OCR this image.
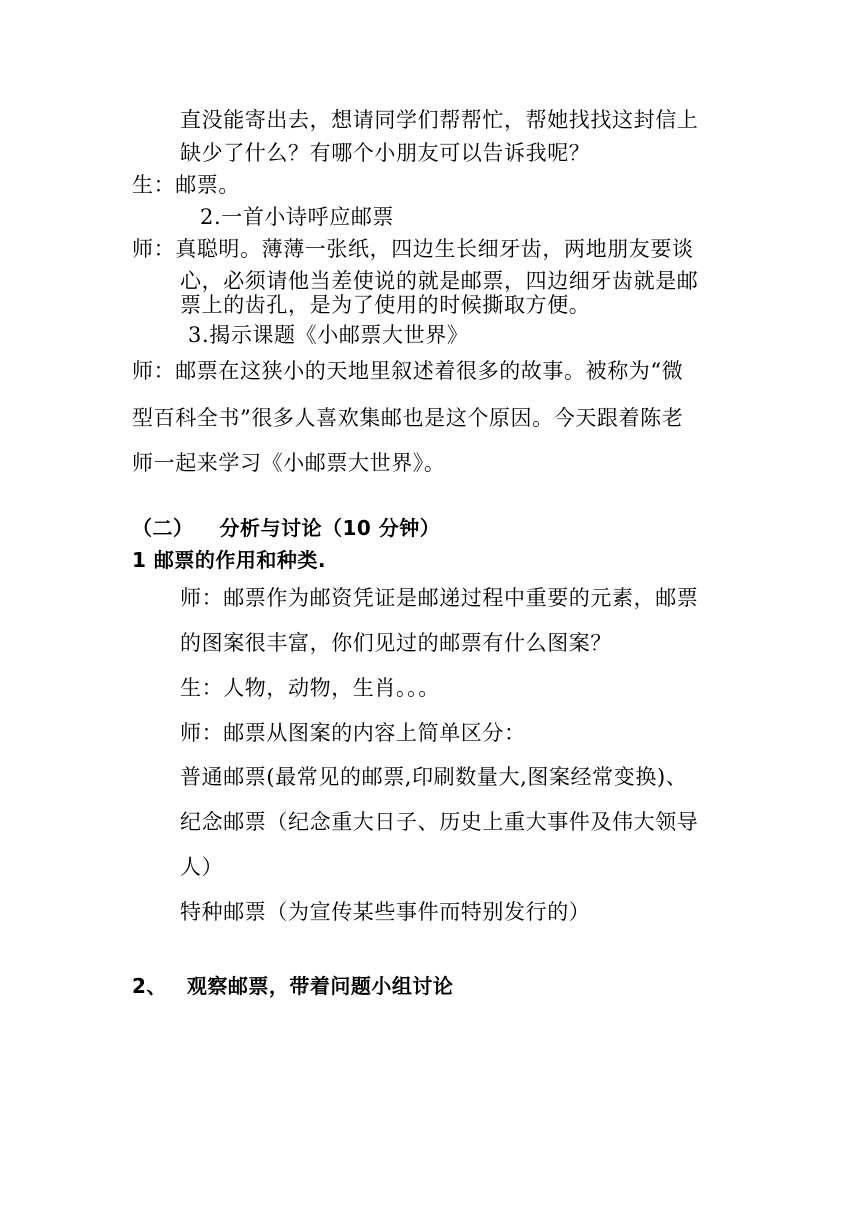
直没能寄出去，想请同学们帮帮忙，帮她找找这封信上
缺少了什么？有哪个小朋友可以告诉我呢？
生：邮票。
2.一首小诗呼应邮票
师：真聪明。薄薄一张纸，四边生长细牙齿，两地朋友要谈
心，必须请他当差使说的就是邮票，四边细牙齿就是邮
票上的齿孔，是为了使用的时候撕取方便。
3.揭示课题《小邮票大世界》
师：邮票在这狭小的天地里叙述着很多的故事。被称为“微
型百科全书”很多人喜欢集邮也是这个原因。今天跟着陈老
师一起来学习《小邮票大世界》。
（二） 分析与讨论（10 分钟）
1 邮票的作用和种类.
师：邮票作为邮资凭证是邮递过程中重要的元素，邮票
的图案很丰富，你们见过的邮票有什么图案？
生：人物，动物，生肖。。。
师：邮票从图案的内容上简单区分：
普通邮票(最常见的邮票,印刷数量大,图案经常变换)、
纪念邮票（纪念重大日子、历史上重大事件及伟大领导
人）
特种邮票（为宣传某些事件而特别发行的）
2、 观察邮票，带着问题小组讨论
